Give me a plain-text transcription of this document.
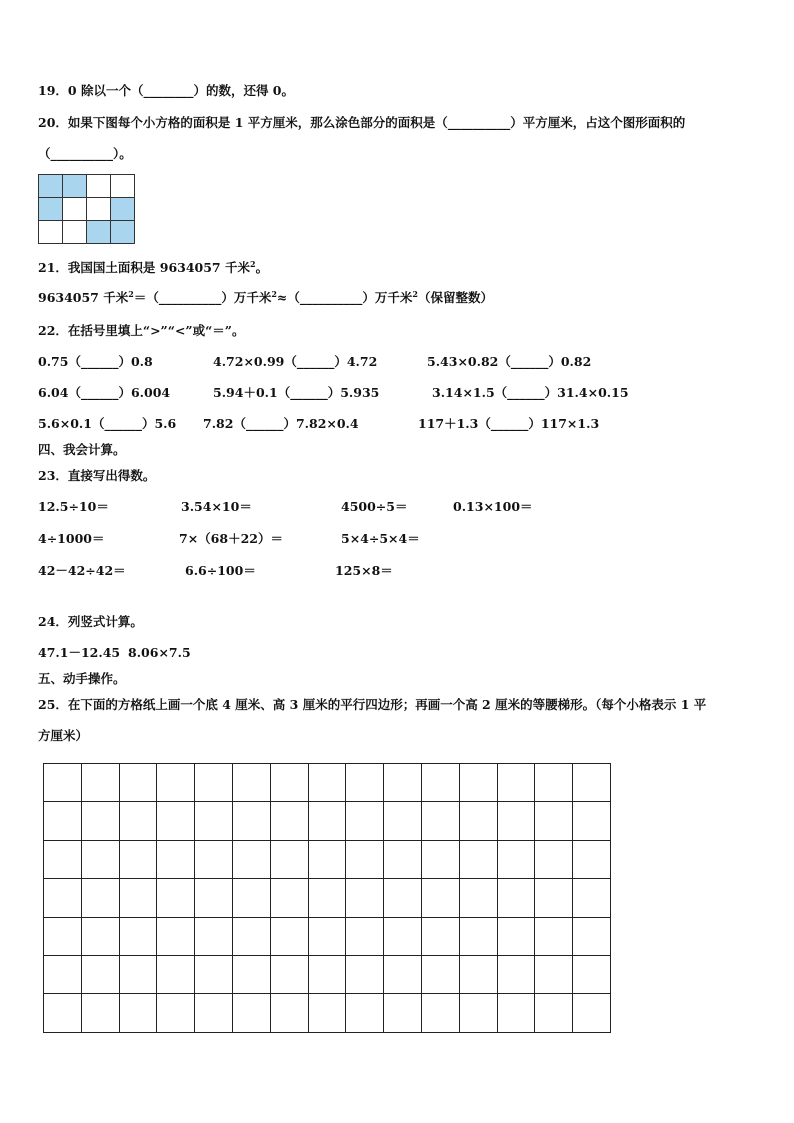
19．0 除以一个（________）的数，还得 0。
20．如果下图每个小方格的面积是 1 平方厘米，那么涂色部分的面积是（__________）平方厘米，占这个图形面积的
（__________）。
21．我国国土面积是 9634057 千米$^2$。
9634057 千米$^2$＝（__________）万千米$^2$≈（__________）万千米$^2$（保留整数）
22．在括号里填上“>”“<”或“＝”。
0.75（______）0.8	4.72×0.99（______）4.72	5.43×0.82（______）0.82
6.04（______）6.004	5.94＋0.1（______）5.935	3.14×1.5（______）31.4×0.15
5.6×0.1（______）5.6 7.82（______）7.82×0.4	117＋1.3（______）117×1.3
四、我会计算。
23．直接写出得数。
12.5÷10＝	3.54×10＝	4500÷5＝	0.13×100＝
4÷1000＝	7×（68＋22）＝	5×4÷5×4＝
42－42÷42＝	6.6÷100＝	125×8＝
24．列竖式计算。
47.1－12.45 8.06×7.5
五、动手操作。
25．在下面的方格纸上画一个底 4 厘米、高 3 厘米的平行四边形；再画一个高 2 厘米的等腰梯形。（每个小格表示 1 平
方厘米）
